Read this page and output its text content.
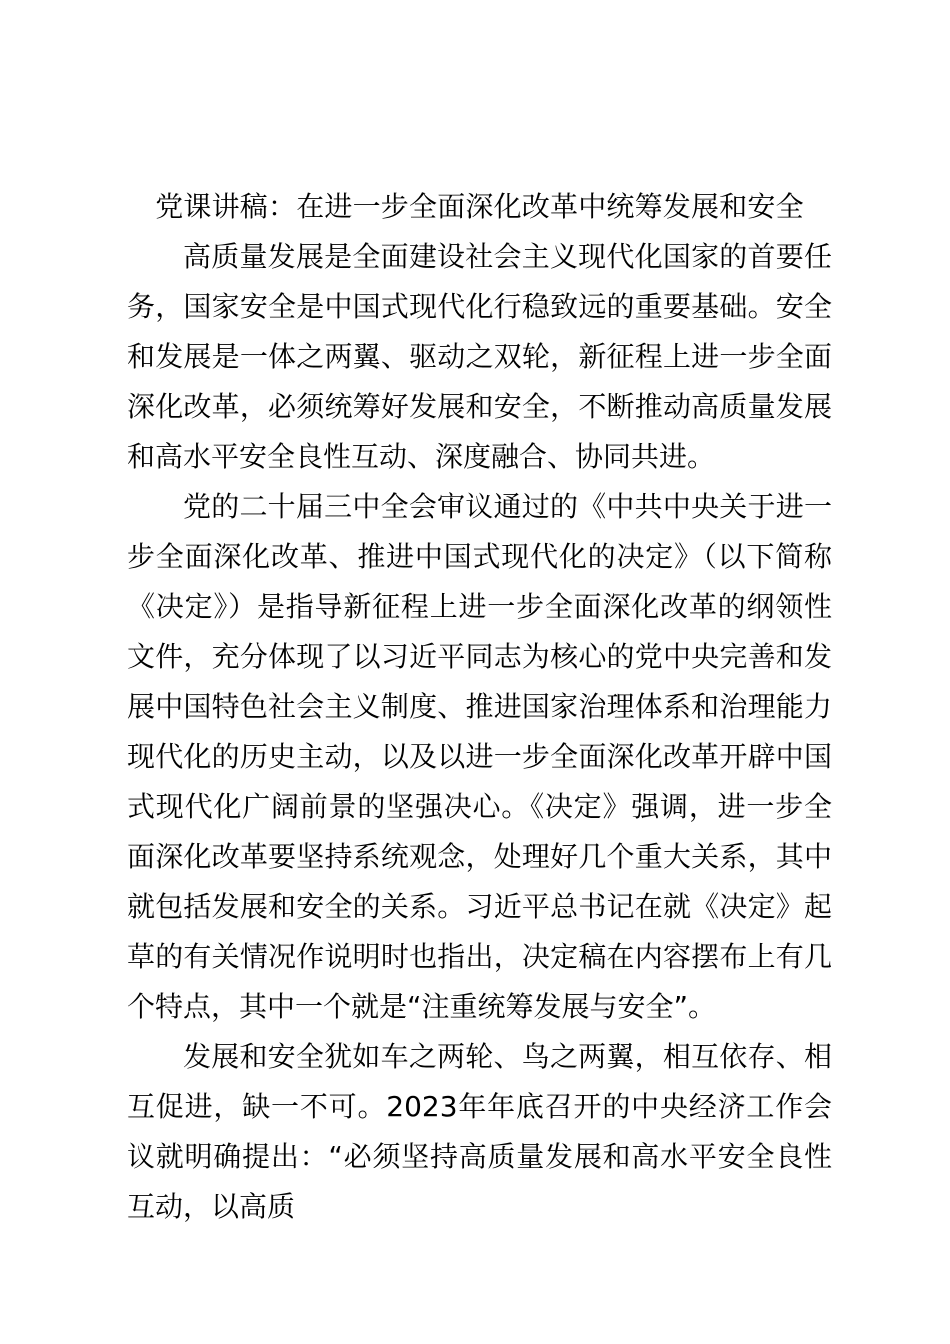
党课讲稿：在进一步全面深化改革中统筹发展和安全

高质量发展是全面建设社会主义现代化国家的首要任务，国家安全是中国式现代化行稳致远的重要基础。安全和发展是一体之两翼、驱动之双轮，新征程上进一步全面深化改革，必须统筹好发展和安全，不断推动高质量发展和高水平安全良性互动、深度融合、协同共进。

党的二十届三中全会审议通过的《中共中央关于进一步全面深化改革、推进中国式现代化的决定》（以下简称《决定》）是指导新征程上进一步全面深化改革的纲领性文件，充分体现了以习近平同志为核心的党中央完善和发展中国特色社会主义制度、推进国家治理体系和治理能力现代化的历史主动，以及以进一步全面深化改革开辟中国式现代化广阔前景的坚强决心。《决定》强调，进一步全面深化改革要坚持系统观念，处理好几个重大关系，其中就包括发展和安全的关系。习近平总书记在就《决定》起草的有关情况作说明时也指出，决定稿在内容摆布上有几个特点，其中一个就是“注重统筹发展与安全”。

发展和安全犹如车之两轮、鸟之两翼，相互依存、相互促进，缺一不可。2023年年底召开的中央经济工作会议就明确提出：“必须坚持高质量发展和高水平安全良性互动，以高质
